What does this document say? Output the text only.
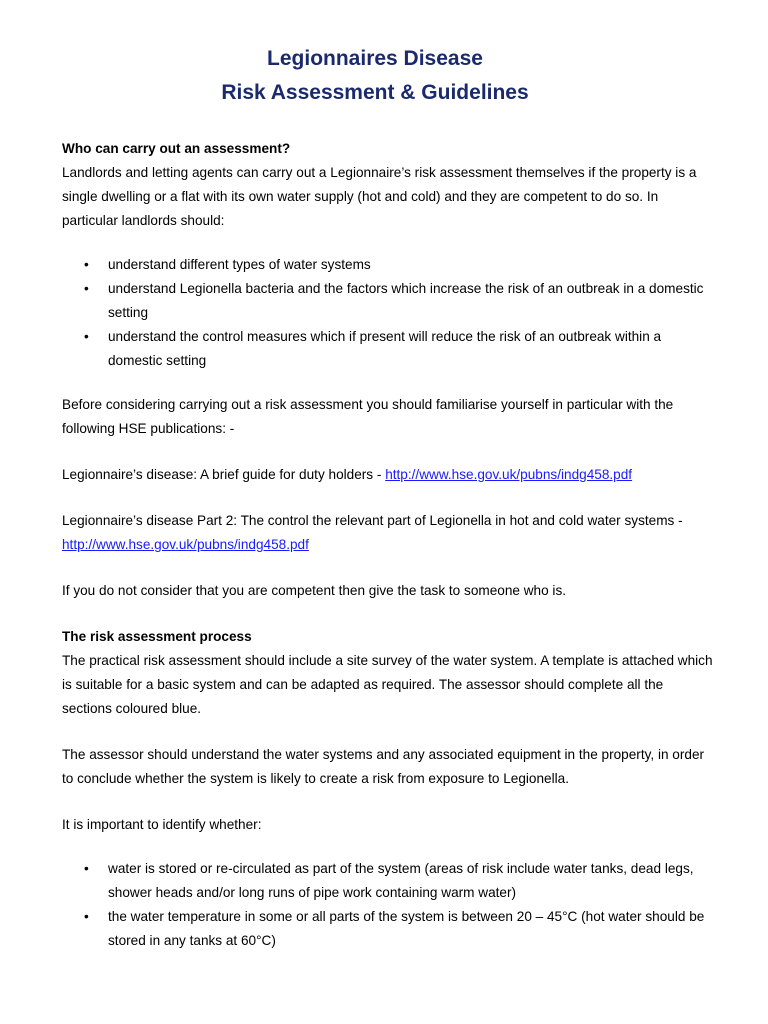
Legionnaires Disease
Risk Assessment & Guidelines

Who can carry out an assessment?

Landlords and letting agents can carry out a Legionnaire’s risk assessment themselves if the property is a single dwelling or a flat with its own water supply (hot and cold) and they are competent to do so. In particular landlords should:

• understand different types of water systems
• understand Legionella bacteria and the factors which increase the risk of an outbreak in a domestic setting
• understand the control measures which if present will reduce the risk of an outbreak within a domestic setting

Before considering carrying out a risk assessment you should familiarise yourself in particular with the following HSE publications: -

Legionnaire’s disease: A brief guide for duty holders - http://www.hse.gov.uk/pubns/indg458.pdf

Legionnaire’s disease Part 2: The control the relevant part of Legionella in hot and cold water systems - http://www.hse.gov.uk/pubns/indg458.pdf

If you do not consider that you are competent then give the task to someone who is.

The risk assessment process

The practical risk assessment should include a site survey of the water system. A template is attached which is suitable for a basic system and can be adapted as required. The assessor should complete all the sections coloured blue.

The assessor should understand the water systems and any associated equipment in the property, in order to conclude whether the system is likely to create a risk from exposure to Legionella.

It is important to identify whether:

• water is stored or re-circulated as part of the system (areas of risk include water tanks, dead legs, shower heads and/or long runs of pipe work containing warm water)
• the water temperature in some or all parts of the system is between 20 – 45°C (hot water should be stored in any tanks at 60°C)
